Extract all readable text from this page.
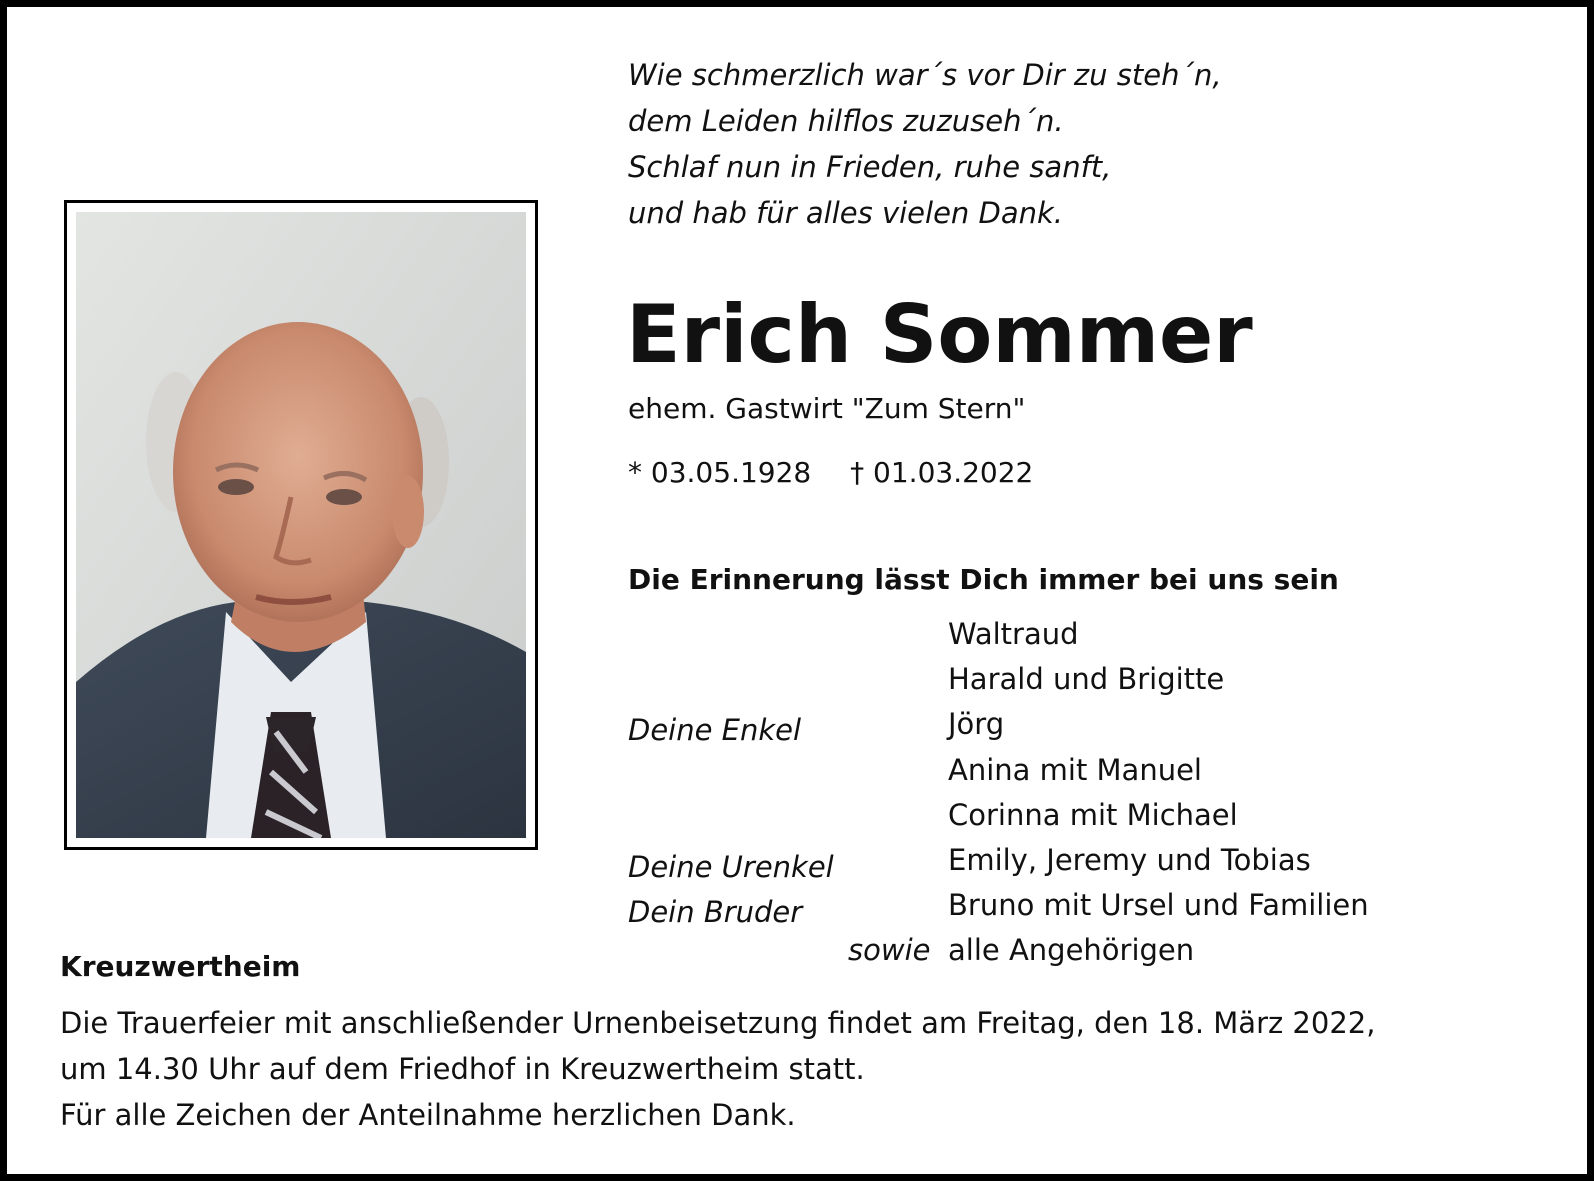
Wie schmerzlich war´s vor Dir zu steh´n,
dem Leiden hilflos zuzuseh´n.
Schlaf nun in Frieden, ruhe sanft,
und hab für alles vielen Dank.
Erich Sommer
ehem. Gastwirt "Zum Stern"
* 03.05.1928 † 01.03.2022
Die Erinnerung lässt Dich immer bei uns sein
Deine Enkel
Deine Urenkel
Dein Bruder
sowie
Waltraud
Harald und Brigitte
Jörg
Anina mit Manuel
Corinna mit Michael
Emily, Jeremy und Tobias
Bruno mit Ursel und Familien
alle Angehörigen
Kreuzwertheim
Die Trauerfeier mit anschließender Urnenbeisetzung findet am Freitag, den 18. März 2022,
um 14.30 Uhr auf dem Friedhof in Kreuzwertheim statt.
Für alle Zeichen der Anteilnahme herzlichen Dank.
